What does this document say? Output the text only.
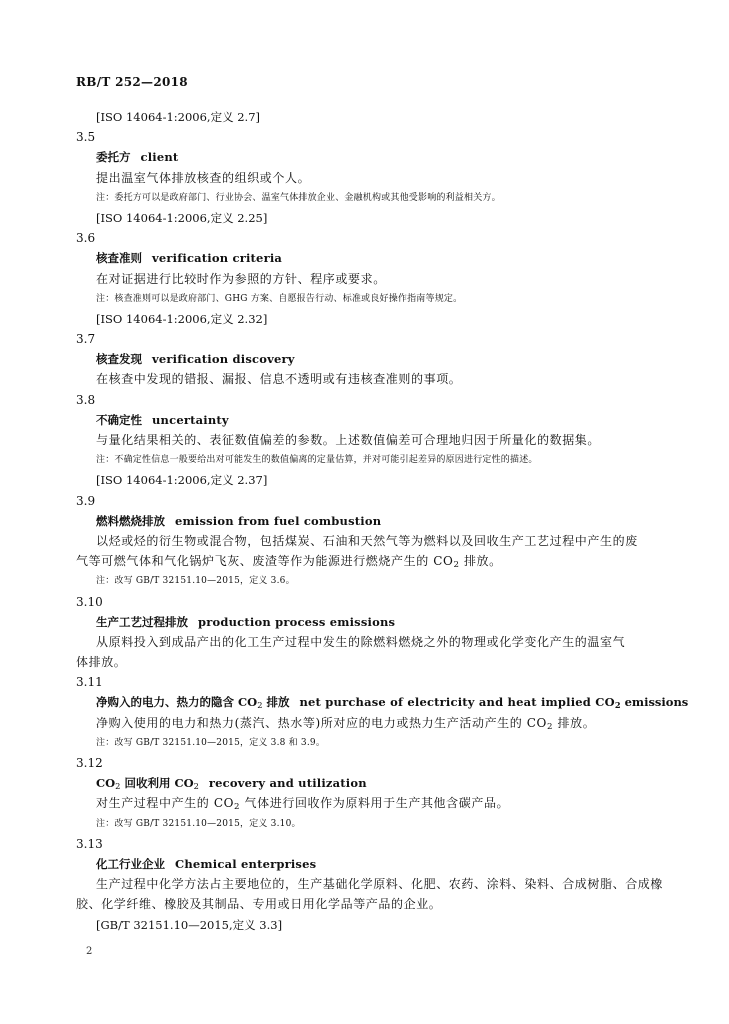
RB/T 252—2018
[ISO 14064-1:2006,定义 2.7]
3.5
委托方 client
提出温室气体排放核查的组织或个人。
注：委托方可以是政府部门、行业协会、温室气体排放企业、金融机构或其他受影响的利益相关方。
[ISO 14064-1:2006,定义 2.25]
3.6
核查准则 verification criteria
在对证据进行比较时作为参照的方针、程序或要求。
注：核查准则可以是政府部门、GHG 方案、自愿报告行动、标准或良好操作指南等规定。
[ISO 14064-1:2006,定义 2.32]
3.7
核查发现 verification discovery
在核查中发现的错报、漏报、信息不透明或有违核查准则的事项。
3.8
不确定性 uncertainty
与量化结果相关的、表征数值偏差的参数。上述数值偏差可合理地归因于所量化的数据集。
注：不确定性信息一般要给出对可能发生的数值偏离的定量估算，并对可能引起差异的原因进行定性的描述。
[ISO 14064-1:2006,定义 2.37]
3.9
燃料燃烧排放 emission from fuel combustion
以烃或烃的衍生物或混合物，包括煤炭、石油和天然气等为燃料以及回收生产工艺过程中产生的废
气等可燃气体和气化锅炉飞灰、废渣等作为能源进行燃烧产生的 $CO_2$ 排放。
注：改写 GB/T 32151.10—2015，定义 3.6。
3.10
生产工艺过程排放 production process emissions
从原料投入到成品产出的化工生产过程中发生的除燃料燃烧之外的物理或化学变化产生的温室气
体排放。
3.11
净购入的电力、热力的隐含 $CO_2$ 排放 net purchase of electricity and heat implied $CO_2$ emissions
净购入使用的电力和热力(蒸汽、热水等)所对应的电力或热力生产活动产生的 $CO_2$ 排放。
注：改写 GB/T 32151.10—2015，定义 3.8 和 3.9。
3.12
$CO_2$ 回收利用 $CO_2$ recovery and utilization
对生产过程中产生的 $CO_2$ 气体进行回收作为原料用于生产其他含碳产品。
注：改写 GB/T 32151.10—2015，定义 3.10。
3.13
化工行业企业 Chemical enterprises
生产过程中化学方法占主要地位的，生产基础化学原料、化肥、农药、涂料、染料、合成树脂、合成橡
胶、化学纤维、橡胶及其制品、专用或日用化学品等产品的企业。
[GB/T 32151.10—2015,定义 3.3]
2
